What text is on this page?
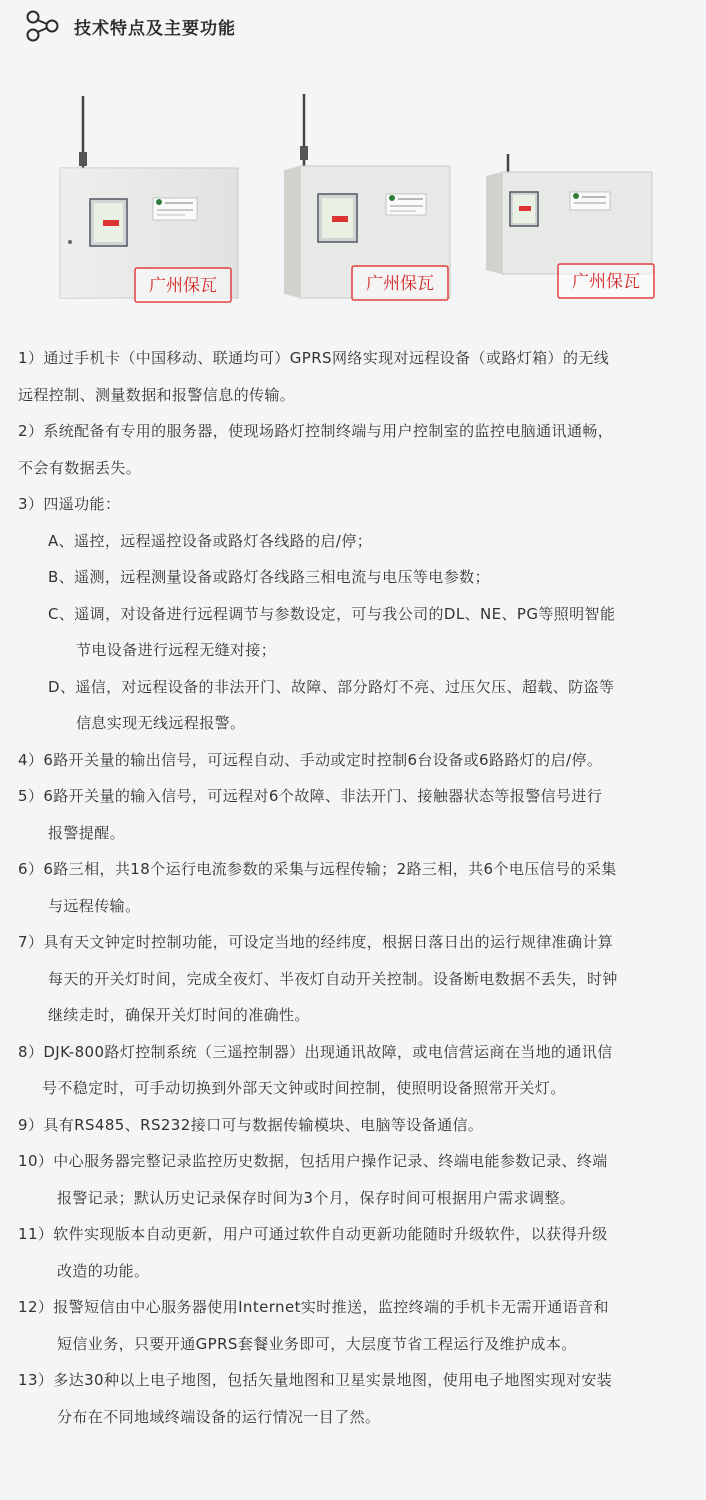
技术特点及主要功能
广州保瓦	广州保瓦	广州保瓦
1）通过手机卡（中国移动、联通均可）GPRS网络实现对远程设备（或路灯箱）的无线
远程控制、测量数据和报警信息的传输。
2）系统配备有专用的服务器，使现场路灯控制终端与用户控制室的监控电脑通讯通畅，
不会有数据丢失。
3）四遥功能：
A、遥控，远程遥控设备或路灯各线路的启/停；
B、遥测，远程测量设备或路灯各线路三相电流与电压等电参数；
C、遥调，对设备进行远程调节与参数设定，可与我公司的DL、NE、PG等照明智能
节电设备进行远程无缝对接；
D、遥信，对远程设备的非法开门、故障、部分路灯不亮、过压欠压、超载、防盗等
信息实现无线远程报警。
4）6路开关量的输出信号，可远程自动、手动或定时控制6台设备或6路路灯的启/停。
5）6路开关量的输入信号，可远程对6个故障、非法开门、接触器状态等报警信号进行
报警提醒。
6）6路三相，共18个运行电流参数的采集与远程传输；2路三相，共6个电压信号的采集
与远程传输。
7）具有天文钟定时控制功能，可设定当地的经纬度，根据日落日出的运行规律准确计算
每天的开关灯时间，完成全夜灯、半夜灯自动开关控制。设备断电数据不丢失，时钟
继续走时，确保开关灯时间的准确性。
8）DJK-800路灯控制系统（三遥控制器）出现通讯故障，或电信营运商在当地的通讯信
号不稳定时，可手动切换到外部天文钟或时间控制，使照明设备照常开关灯。
9）具有RS485、RS232接口可与数据传输模块、电脑等设备通信。
10）中心服务器完整记录监控历史数据，包括用户操作记录、终端电能参数记录、终端
报警记录；默认历史记录保存时间为3个月，保存时间可根据用户需求调整。
11）软件实现版本自动更新，用户可通过软件自动更新功能随时升级软件，以获得升级
改造的功能。
12）报警短信由中心服务器使用Internet实时推送，监控终端的手机卡无需开通语音和
短信业务，只要开通GPRS套餐业务即可，大层度节省工程运行及维护成本。
13）多达30种以上电子地图，包括矢量地图和卫星实景地图，使用电子地图实现对安装
分布在不同地域终端设备的运行情况一目了然。
